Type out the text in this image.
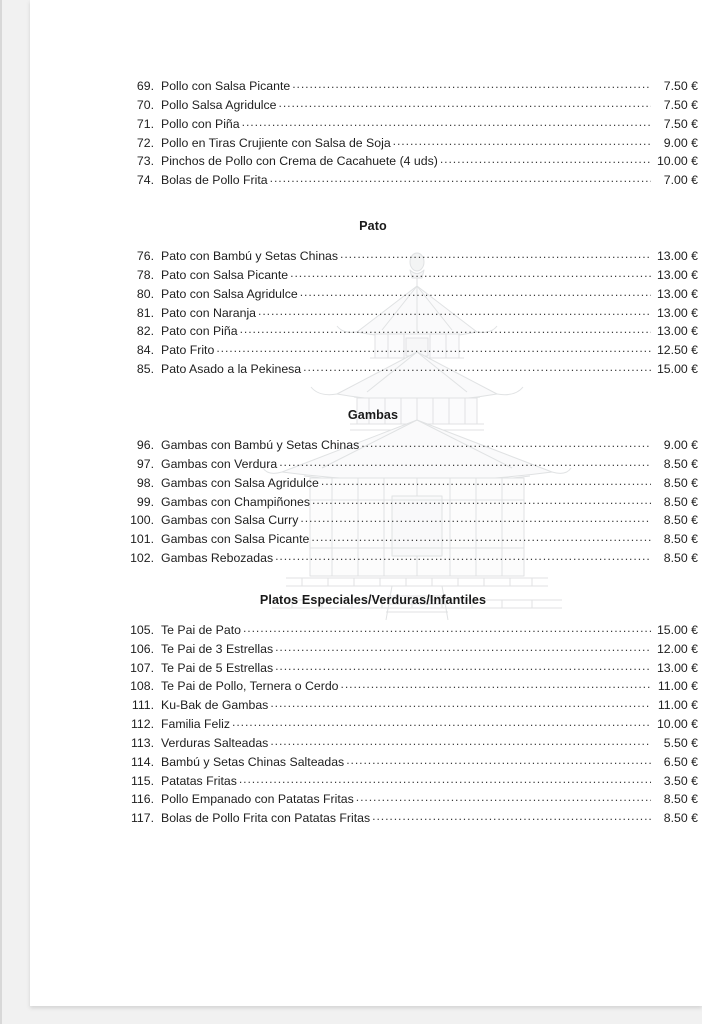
69. Pollo con Salsa Picante .....	7.50 €
70. Pollo Salsa Agridulce .....	7.50 €
71. Pollo con Piña .....	7.50 €
72. Pollo en Tiras Crujiente con Salsa de Soja .....	9.00 €
73. Pinchos de Pollo con Crema de Cacahuete (4 uds) .....	10.00 €
74. Bolas de Pollo Frita .....	7.00 €
Pato
76. Pato con Bambú y Setas Chinas .....	13.00 €
78. Pato con Salsa Picante .....	13.00 €
80. Pato con Salsa Agridulce .....	13.00 €
81. Pato con Naranja .....	13.00 €
82. Pato con Piña .....	13.00 €
84. Pato Frito .....	12.50 €
85. Pato Asado a la Pekinesa .....	15.00 €
Gambas
96. Gambas con Bambú y Setas Chinas .....	9.00 €
97. Gambas con Verdura .....	8.50 €
98. Gambas con Salsa Agridulce .....	8.50 €
99. Gambas con Champiñones .....	8.50 €
100. Gambas con Salsa Curry .....	8.50 €
101. Gambas con Salsa Picante .....	8.50 €
102. Gambas Rebozadas .....	8.50 €
Platos Especiales/Verduras/Infantiles
105. Te Pai de Pato .....	15.00 €
106. Te Pai de 3 Estrellas .....	12.00 €
107. Te Pai de 5 Estrellas .....	13.00 €
108. Te Pai de Pollo, Ternera o Cerdo .....	11.00 €
111. Ku-Bak de Gambas .....	11.00 €
112. Familia Feliz .....	10.00 €
113. Verduras Salteadas .....	5.50 €
114. Bambú y Setas Chinas Salteadas .....	6.50 €
115. Patatas Fritas .....	3.50 €
116. Pollo Empanado con Patatas Fritas .....	8.50 €
117. Bolas de Pollo Frita con Patatas Fritas .....	8.50 €
